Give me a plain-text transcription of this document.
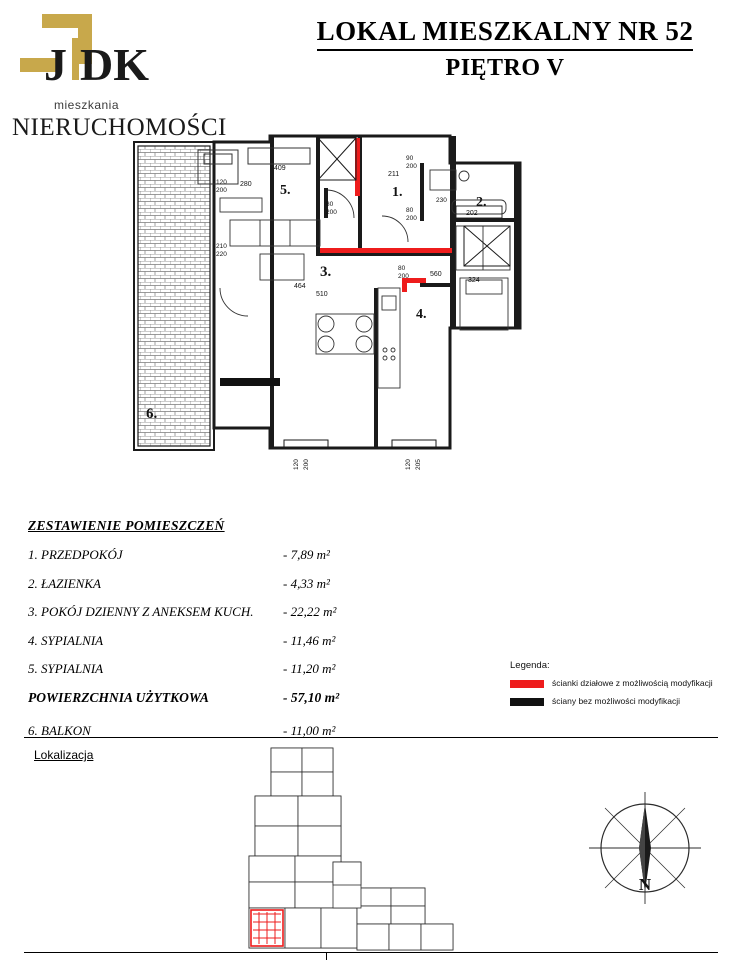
J DK
mieszkania
NIERUCHOMOŚCI
LOKAL MIESZKALNY NR 52
PIĘTRO V
6.
5.
409
280
1.
211
80
200	80
200
80
200
90
200
2.
202
230
4.
324
560
3.
510
464
210
220
120
200
120 200	120 205
ZESTAWIENIE POMIESZCZEŃ
1. PRZEDPOKÓJ	- 7,89 m²
2. ŁAZIENKA	- 4,33 m²
3. POKÓJ DZIENNY Z ANEKSEM KUCH.	- 22,22 m²
4. SYPIALNIA	- 11,46 m²
5. SYPIALNIA	- 11,20 m²
POWIERZCHNIA UŻYTKOWA	- 57,10 m²
6. BALKON	- 11,00 m²
Legenda:
ścianki działowe z możliwością modyfikacji
ściany bez możliwości modyfikacji
Lokalizacja
N
